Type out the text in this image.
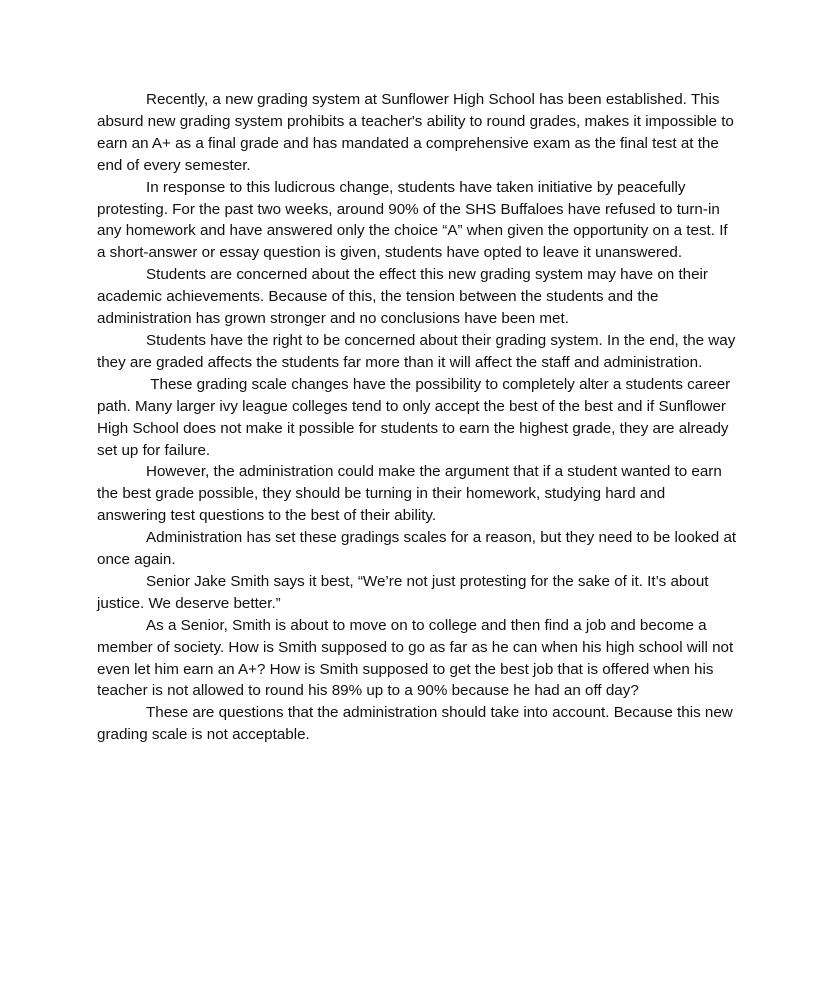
Recently, a new grading system at Sunflower High School has been established. This absurd new grading system prohibits a teacher's ability to round grades, makes it impossible to earn an A+ as a final grade and has mandated a comprehensive exam as the final test at the end of every semester.

In response to this ludicrous change, students have taken initiative by peacefully protesting. For the past two weeks, around 90% of the SHS Buffaloes have refused to turn-in any homework and have answered only the choice “A” when given the opportunity on a test. If a short-answer or essay question is given, students have opted to leave it unanswered.

Students are concerned about the effect this new grading system may have on their academic achievements. Because of this, the tension between the students and the administration has grown stronger and no conclusions have been met.

Students have the right to be concerned about their grading system. In the end, the way they are graded affects the students far more than it will affect the staff and administration.

These grading scale changes have the possibility to completely alter a students career path. Many larger ivy league colleges tend to only accept the best of the best and if Sunflower High School does not make it possible for students to earn the highest grade, they are already set up for failure.

However, the administration could make the argument that if a student wanted to earn the best grade possible, they should be turning in their homework, studying hard and answering test questions to the best of their ability.

Administration has set these gradings scales for a reason, but they need to be looked at once again.

Senior Jake Smith says it best, “We’re not just protesting for the sake of it. It’s about justice. We deserve better.”

As a Senior, Smith is about to move on to college and then find a job and become a member of society. How is Smith supposed to go as far as he can when his high school will not even let him earn an A+? How is Smith supposed to get the best job that is offered when his teacher is not allowed to round his 89% up to a 90% because he had an off day?

These are questions that the administration should take into account. Because this new grading scale is not acceptable.
